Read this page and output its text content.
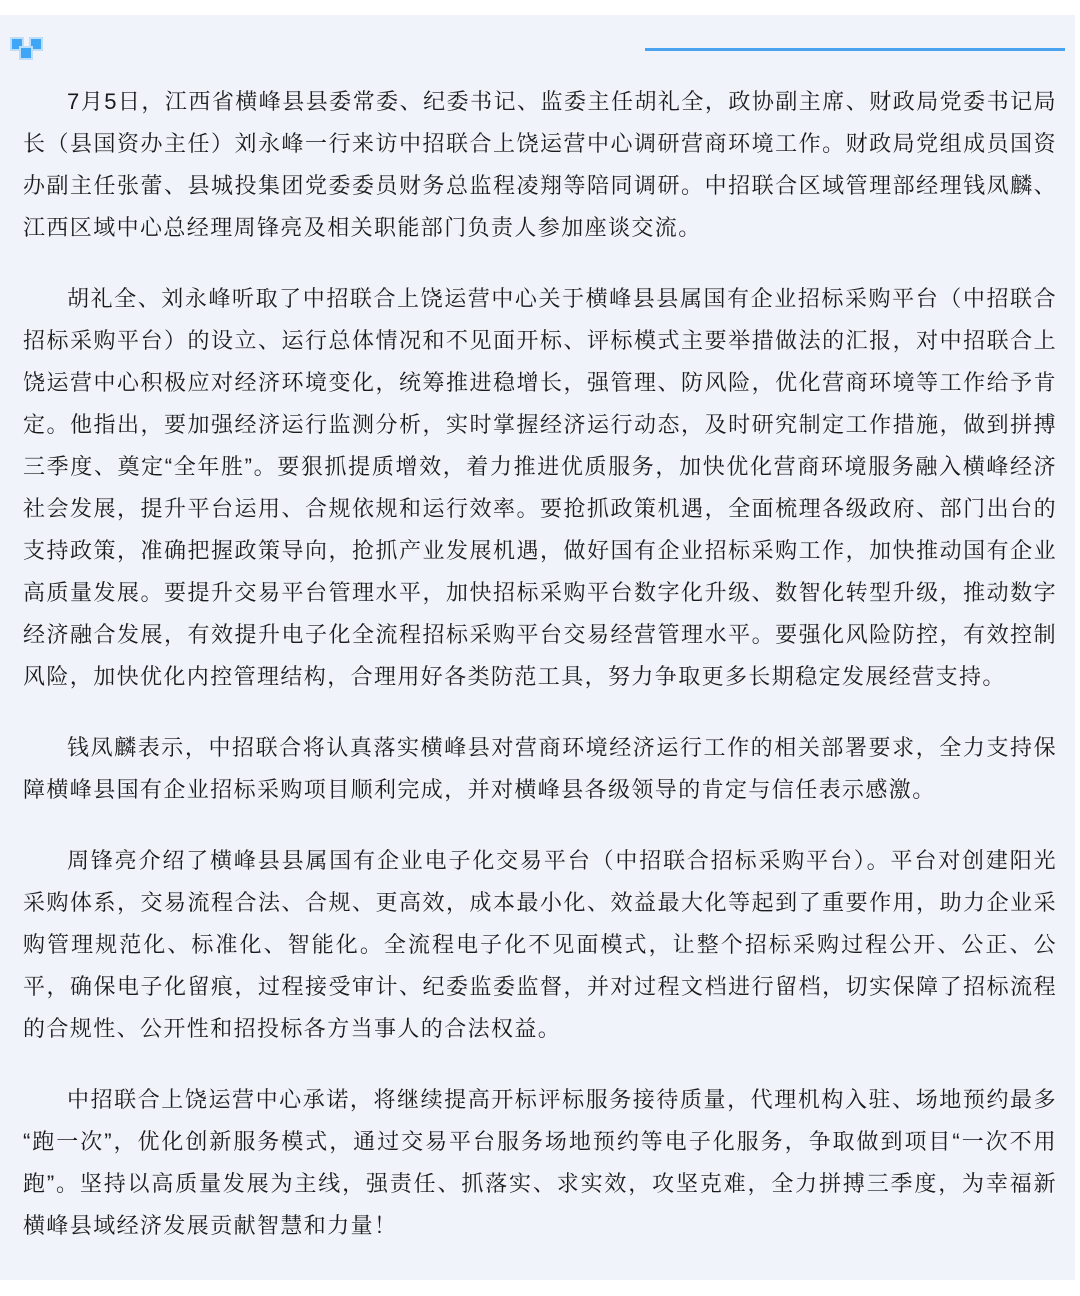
7月5日，江西省横峰县县委常委、纪委书记、监委主任胡礼全，政协副主席、财政局党委书记局长（县国资办主任）刘永峰一行来访中招联合上饶运营中心调研营商环境工作。财政局党组成员国资办副主任张蕾、县城投集团党委委员财务总监程凌翔等陪同调研。中招联合区域管理部经理钱凤麟、江西区域中心总经理周锋亮及相关职能部门负责人参加座谈交流。

胡礼全、刘永峰听取了中招联合上饶运营中心关于横峰县县属国有企业招标采购平台（中招联合招标采购平台）的设立、运行总体情况和不见面开标、评标模式主要举措做法的汇报，对中招联合上饶运营中心积极应对经济环境变化，统筹推进稳增长，强管理、防风险，优化营商环境等工作给予肯定。他指出，要加强经济运行监测分析，实时掌握经济运行动态，及时研究制定工作措施，做到拼搏三季度、奠定“全年胜”。要狠抓提质增效，着力推进优质服务，加快优化营商环境服务融入横峰经济社会发展，提升平台运用、合规依规和运行效率。要抢抓政策机遇，全面梳理各级政府、部门出台的支持政策，准确把握政策导向，抢抓产业发展机遇，做好国有企业招标采购工作，加快推动国有企业高质量发展。要提升交易平台管理水平，加快招标采购平台数字化升级、数智化转型升级，推动数字经济融合发展，有效提升电子化全流程招标采购平台交易经营管理水平。要强化风险防控，有效控制风险，加快优化内控管理结构，合理用好各类防范工具，努力争取更多长期稳定发展经营支持。

钱凤麟表示，中招联合将认真落实横峰县对营商环境经济运行工作的相关部署要求，全力支持保障横峰县国有企业招标采购项目顺利完成，并对横峰县各级领导的肯定与信任表示感激。

周锋亮介绍了横峰县县属国有企业电子化交易平台（中招联合招标采购平台）。平台对创建阳光采购体系，交易流程合法、合规、更高效，成本最小化、效益最大化等起到了重要作用，助力企业采购管理规范化、标准化、智能化。全流程电子化不见面模式，让整个招标采购过程公开、公正、公平，确保电子化留痕，过程接受审计、纪委监委监督，并对过程文档进行留档，切实保障了招标流程的合规性、公开性和招投标各方当事人的合法权益。

中招联合上饶运营中心承诺，将继续提高开标评标服务接待质量，代理机构入驻、场地预约最多“跑一次”，优化创新服务模式，通过交易平台服务场地预约等电子化服务，争取做到项目“一次不用跑”。坚持以高质量发展为主线，强责任、抓落实、求实效，攻坚克难，全力拼搏三季度，为幸福新横峰县域经济发展贡献智慧和力量！
